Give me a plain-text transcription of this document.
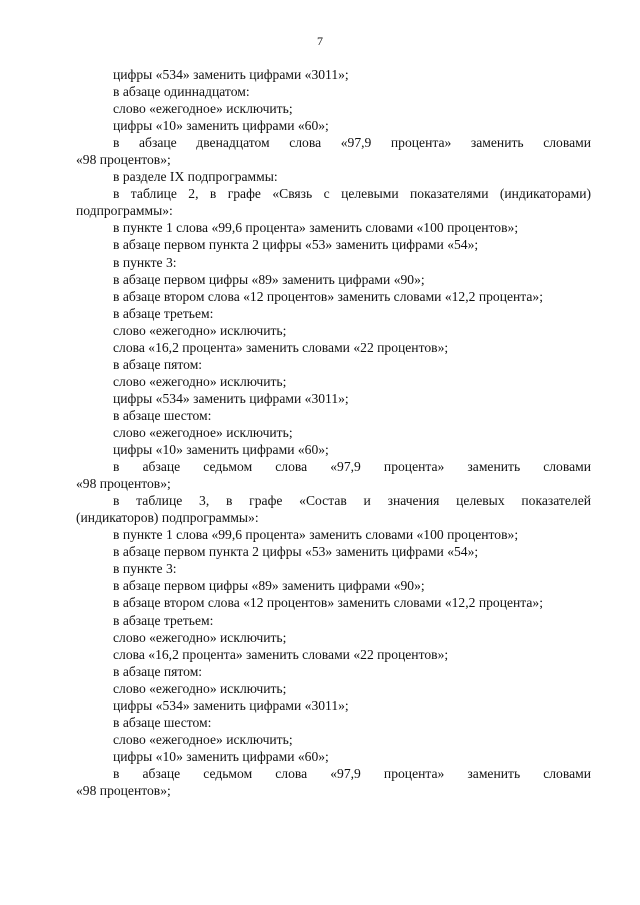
7
цифры «534» заменить цифрами «3011»;
в абзаце одиннадцатом:
слово «ежегодное» исключить;
цифры «10» заменить цифрами «60»;
в абзаце двенадцатом слова «97,9 процента» заменить словами
«98 процентов»;
в разделе IX подпрограммы:
в таблице 2, в графе «Связь с целевыми показателями (индикаторами)
подпрограммы»:
в пункте 1 слова «99,6 процента» заменить словами «100 процентов»;
в абзаце первом пункта 2 цифры «53» заменить цифрами «54»;
в пункте 3:
в абзаце первом цифры «89» заменить цифрами «90»;
в абзаце втором слова «12 процентов» заменить словами «12,2 процента»;
в абзаце третьем:
слово «ежегодно» исключить;
слова «16,2 процента» заменить словами «22 процентов»;
в абзаце пятом:
слово «ежегодно» исключить;
цифры «534» заменить цифрами «3011»;
в абзаце шестом:
слово «ежегодное» исключить;
цифры «10» заменить цифрами «60»;
в абзаце седьмом слова «97,9 процента» заменить словами
«98 процентов»;
в таблице 3, в графе «Состав и значения целевых показателей
(индикаторов) подпрограммы»:
в пункте 1 слова «99,6 процента» заменить словами «100 процентов»;
в абзаце первом пункта 2 цифры «53» заменить цифрами «54»;
в пункте 3:
в абзаце первом цифры «89» заменить цифрами «90»;
в абзаце втором слова «12 процентов» заменить словами «12,2 процента»;
в абзаце третьем:
слово «ежегодно» исключить;
слова «16,2 процента» заменить словами «22 процентов»;
в абзаце пятом:
слово «ежегодно» исключить;
цифры «534» заменить цифрами «3011»;
в абзаце шестом:
слово «ежегодное» исключить;
цифры «10» заменить цифрами «60»;
в абзаце седьмом слова «97,9 процента» заменить словами
«98 процентов»;
